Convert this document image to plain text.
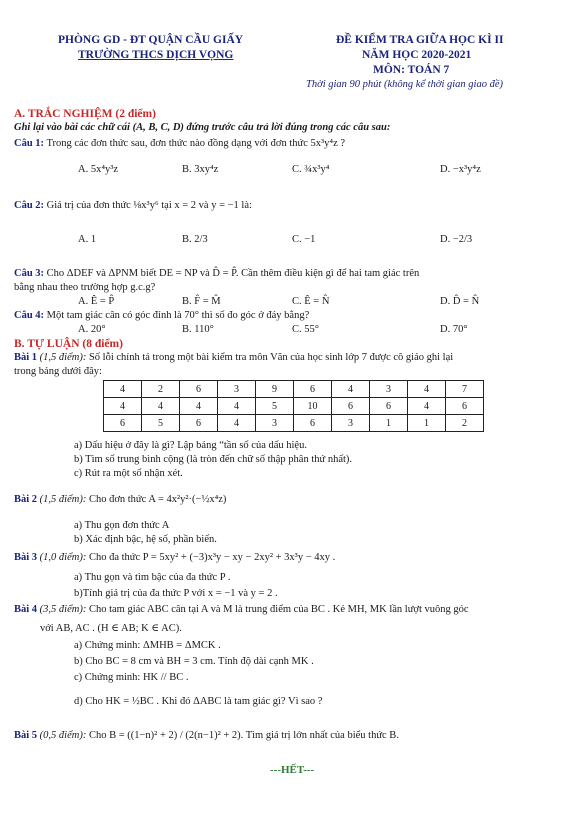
PHÒNG GD - ĐT QUẬN CẦU GIẤY
TRƯỜNG THCS DỊCH VỌNG
ĐỀ KIỂM TRA GIỮA HỌC KÌ II
NĂM HỌC 2020-2021
MÔN: TOÁN 7
Thời gian 90 phút (không kể thời gian giao đề)
A. TRẮC NGHIỆM (2 điểm)
Ghi lại vào bài các chữ cái (A, B, C, D) đứng trước câu trả lời đúng trong các câu sau:
Câu 1: Trong các đơn thức sau, đơn thức nào đồng dạng với đơn thức 5x³y⁴z ?
A. 5x⁴y³z	B. 3xy⁴z	C. ¾x³y⁴	D. −x³y⁴z
Câu 2: Giá trị của đơn thức ⅛x³y⁶ tại x = 2 và y = −1 là:
A. 1	B. 2/3	C. −1	D. −2/3
Câu 3: Cho ΔDEF và ΔPNM biết DE = NP và D̂ = P̂. Cần thêm điều kiện gì để hai tam giác trên
bằng nhau theo trường hợp g.c.g?
A. Ê = P̂	B. F̂ = M̂	C. Ê = N̂	D. D̂ = N̂
Câu 4: Một tam giác cân có góc đỉnh là 70° thì số đo góc ở đáy bằng?
A. 20°	B. 110°	C. 55°	D. 70°
B. TỰ LUẬN (8 điểm)
Bài 1 (1,5 điểm): Số lỗi chính tả trong một bài kiểm tra môn Văn của học sinh lớp 7 được cô giáo ghi lại
trong bảng dưới đây:
4	2	6	3	9	6	4	3	4	7
4	4	4	4	5	10	6	6	4	6
6	5	6	4	3	6	3	1	1	2
a) Dấu hiệu ở đây là gì? Lập bảng “tần số của dấu hiệu.
b) Tìm số trung bình cộng (là tròn đến chữ số thập phân thứ nhất).
c) Rút ra một số nhận xét.
Bài 2 (1,5 điểm): Cho đơn thức A = 4x²y²·(−½x⁴z)
a) Thu gọn đơn thức A
b) Xác định bậc, hệ số, phần biến.
Bài 3 (1,0 điểm): Cho đa thức P = 5xy² + (−3)x³y − xy − 2xy² + 3x³y − 4xy .
a) Thu gọn và tìm bậc của đa thức P .
b)Tính giá trị của đa thức P với x = −1 và y = 2 .
Bài 4 (3,5 điểm): Cho tam giác ABC cân tại A và M là trung điểm của BC . Kẻ MH, MK lần lượt vuông góc
với AB, AC . (H ∈ AB; K ∈ AC).
a) Chứng minh: ΔMHB = ΔMCK .
b) Cho BC = 8 cm và BH = 3 cm. Tính độ dài cạnh MK .
c) Chứng minh: HK // BC .
d) Cho HK = ½BC . Khi đó ΔABC là tam giác gì? Vì sao ?
Bài 5 (0,5 điểm): Cho B = ((1−n)² + 2) / (2(n−1)² + 2). Tìm giá trị lớn nhất của biểu thức B.
---HẾT---
